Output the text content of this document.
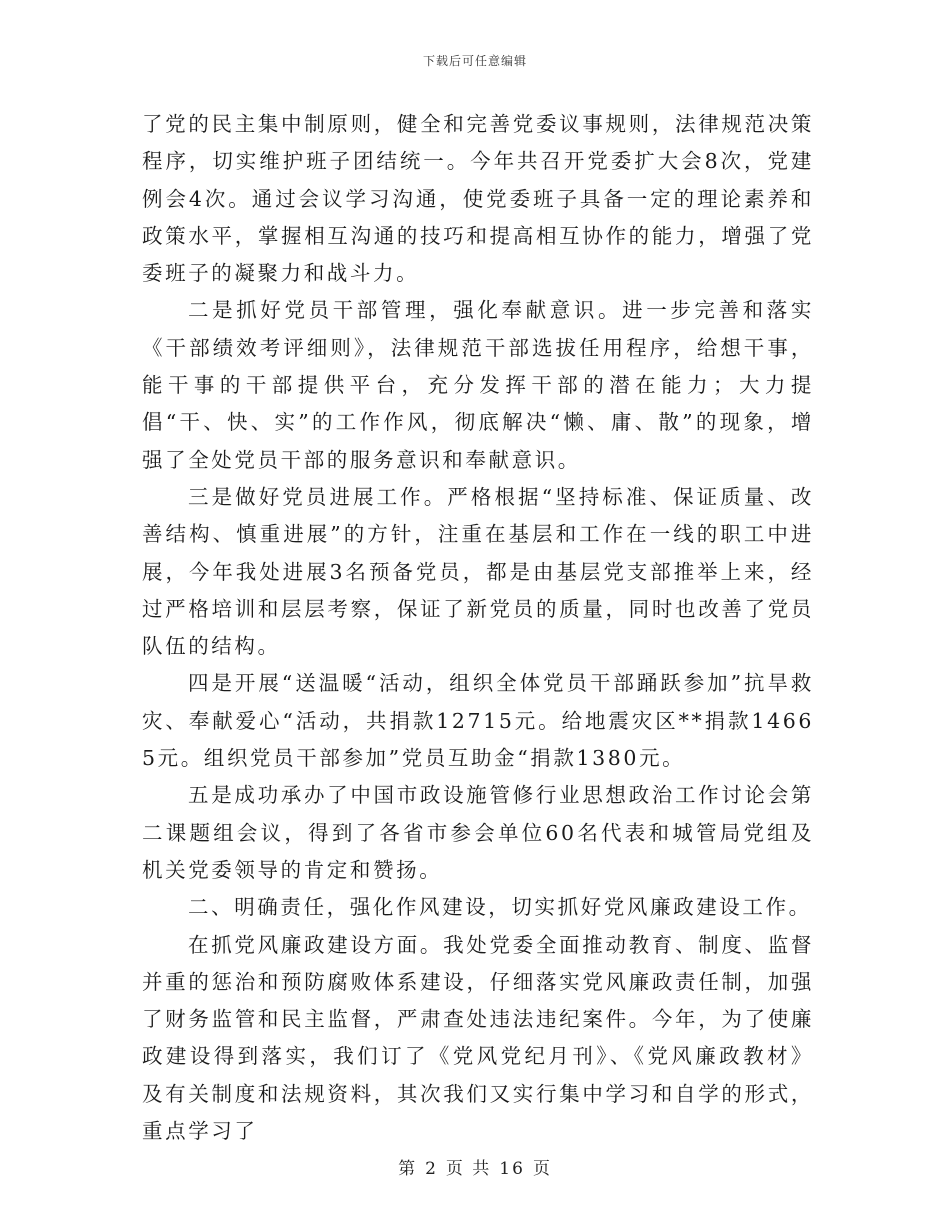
下载后可任意编辑

了党的民主集中制原则，健全和完善党委议事规则，法律规范决策程序，切实维护班子团结统一。今年共召开党委扩大会8次，党建例会4次。通过会议学习沟通，使党委班子具备一定的理论素养和政策水平，掌握相互沟通的技巧和提高相互协作的能力，增强了党委班子的凝聚力和战斗力。

二是抓好党员干部管理，强化奉献意识。进一步完善和落实《干部绩效考评细则》，法律规范干部选拔任用程序，给想干事，能干事的干部提供平台，充分发挥干部的潜在能力；大力提倡“干、快、实”的工作作风，彻底解决“懒、庸、散”的现象，增强了全处党员干部的服务意识和奉献意识。

三是做好党员进展工作。严格根据“坚持标准、保证质量、改善结构、慎重进展”的方针，注重在基层和工作在一线的职工中进展，今年我处进展3名预备党员，都是由基层党支部推举上来，经过严格培训和层层考察，保证了新党员的质量，同时也改善了党员队伍的结构。

四是开展“送温暖“活动，组织全体党员干部踊跃参加”抗旱救灾、奉献爱心“活动，共捐款12715元。给地震灾区**捐款14665元。组织党员干部参加”党员互助金“捐款1380元。

五是成功承办了中国市政设施管修行业思想政治工作讨论会第二课题组会议，得到了各省市参会单位60名代表和城管局党组及机关党委领导的肯定和赞扬。

二、明确责任，强化作风建设，切实抓好党风廉政建设工作。

在抓党风廉政建设方面。我处党委全面推动教育、制度、监督并重的惩治和预防腐败体系建设，仔细落实党风廉政责任制，加强了财务监管和民主监督，严肃查处违法违纪案件。今年，为了使廉政建设得到落实，我们订了《党风党纪月刊》、《党风廉政教材》及有关制度和法规资料，其次我们又实行集中学习和自学的形式，重点学习了

第 2 页 共 16 页
